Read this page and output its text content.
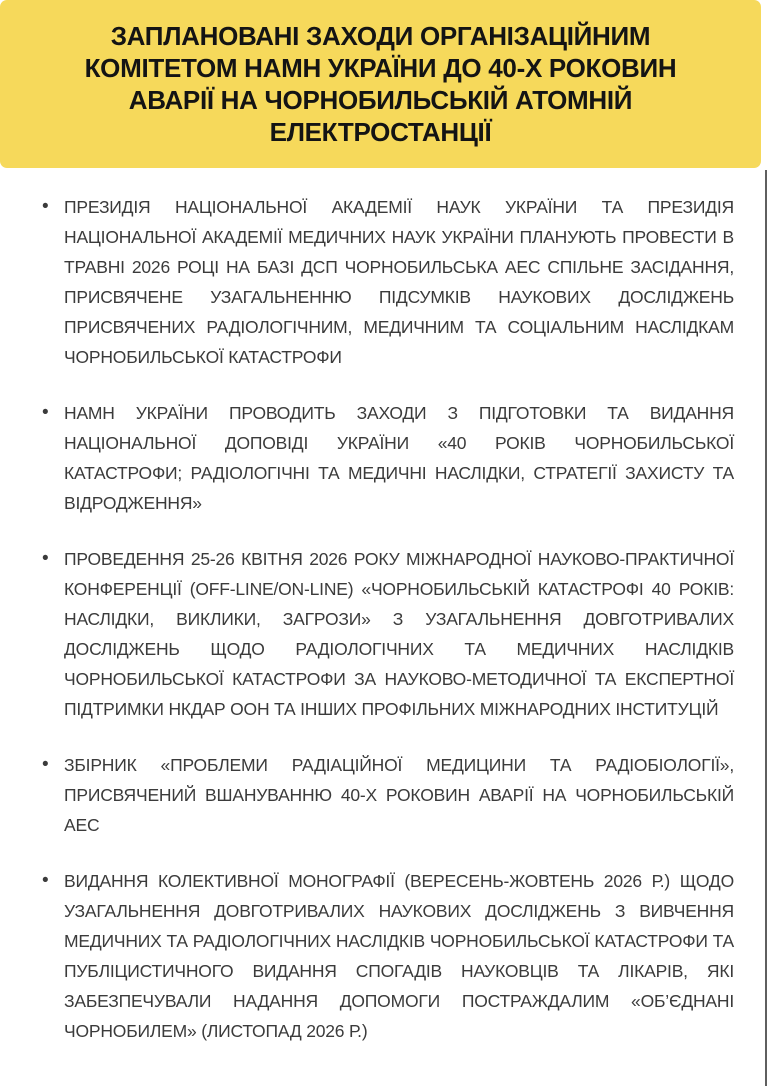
ЗАПЛАНОВАНІ ЗАХОДИ ОРГАНІЗАЦІЙНИМ
КОМІТЕТОМ НАМН УКРАЇНИ ДО 40-Х РОКОВИН
АВАРІЇ НА ЧОРНОБИЛЬСЬКІЙ АТОМНІЙ
ЕЛЕКТРОСТАНЦІЇ
• ПРЕЗИДІЯ НАЦІОНАЛЬНОЇ АКАДЕМІЇ НАУК УКРАЇНИ ТА ПРЕЗИДІЯ НАЦІОНАЛЬНОЇ АКАДЕМІЇ МЕДИЧНИХ НАУК УКРАЇНИ ПЛАНУЮТЬ ПРОВЕСТИ В ТРАВНІ 2026 РОЦІ НА БАЗІ ДСП ЧОРНОБИЛЬСЬКА АЕС СПІЛЬНЕ ЗАСІДАННЯ, ПРИСВЯЧЕНЕ УЗАГАЛЬНЕННЮ ПІДСУМКІВ НАУКОВИХ ДОСЛІДЖЕНЬ ПРИСВЯЧЕНИХ РАДІОЛОГІЧНИМ, МЕДИЧНИМ ТА СОЦІАЛЬНИМ НАСЛІДКАМ ЧОРНОБИЛЬСЬКОЇ КАТАСТРОФИ
• НАМН УКРАЇНИ ПРОВОДИТЬ ЗАХОДИ З ПІДГОТОВКИ ТА ВИДАННЯ НАЦІОНАЛЬНОЇ ДОПОВІДІ УКРАЇНИ «40 РОКІВ ЧОРНОБИЛЬСЬКОЇ КАТАСТРОФИ; РАДІОЛОГІЧНІ ТА МЕДИЧНІ НАСЛІДКИ, СТРАТЕГІЇ ЗАХИСТУ ТА ВІДРОДЖЕННЯ»
• ПРОВЕДЕННЯ 25-26 КВІТНЯ 2026 РОКУ МІЖНАРОДНОЇ НАУКОВО-ПРАКТИЧНОЇ КОНФЕРЕНЦІЇ (OFF-LINE/ON-LINE) «ЧОРНОБИЛЬСЬКІЙ КАТАСТРОФІ 40 РОКІВ: НАСЛІДКИ, ВИКЛИКИ, ЗАГРОЗИ» З УЗАГАЛЬНЕННЯ ДОВГОТРИВАЛИХ ДОСЛІДЖЕНЬ ЩОДО РАДІОЛОГІЧНИХ ТА МЕДИЧНИХ НАСЛІДКІВ ЧОРНОБИЛЬСЬКОЇ КАТАСТРОФИ ЗА НАУКОВО-МЕТОДИЧНОЇ ТА ЕКСПЕРТНОЇ ПІДТРИМКИ НКДАР ООН ТА ІНШИХ ПРОФІЛЬНИХ МІЖНАРОДНИХ ІНСТИТУЦІЙ
• ЗБІРНИК «ПРОБЛЕМИ РАДІАЦІЙНОЇ МЕДИЦИНИ ТА РАДІОБІОЛОГІЇ», ПРИСВЯЧЕНИЙ ВШАНУВАННЮ 40-Х РОКОВИН АВАРІЇ НА ЧОРНОБИЛЬСЬКІЙ АЕС
• ВИДАННЯ КОЛЕКТИВНОЇ МОНОГРАФІЇ (ВЕРЕСЕНЬ-ЖОВТЕНЬ 2026 Р.) ЩОДО УЗАГАЛЬНЕННЯ ДОВГОТРИВАЛИХ НАУКОВИХ ДОСЛІДЖЕНЬ З ВИВЧЕННЯ МЕДИЧНИХ ТА РАДІОЛОГІЧНИХ НАСЛІДКІВ ЧОРНОБИЛЬСЬКОЇ КАТАСТРОФИ ТА ПУБЛІЦИСТИЧНОГО ВИДАННЯ СПОГАДІВ НАУКОВЦІВ ТА ЛІКАРІВ, ЯКІ ЗАБЕЗПЕЧУВАЛИ НАДАННЯ ДОПОМОГИ ПОСТРАЖДАЛИМ «ОБ’ЄДНАНІ ЧОРНОБИЛЕМ» (ЛИСТОПАД 2026 Р.)
